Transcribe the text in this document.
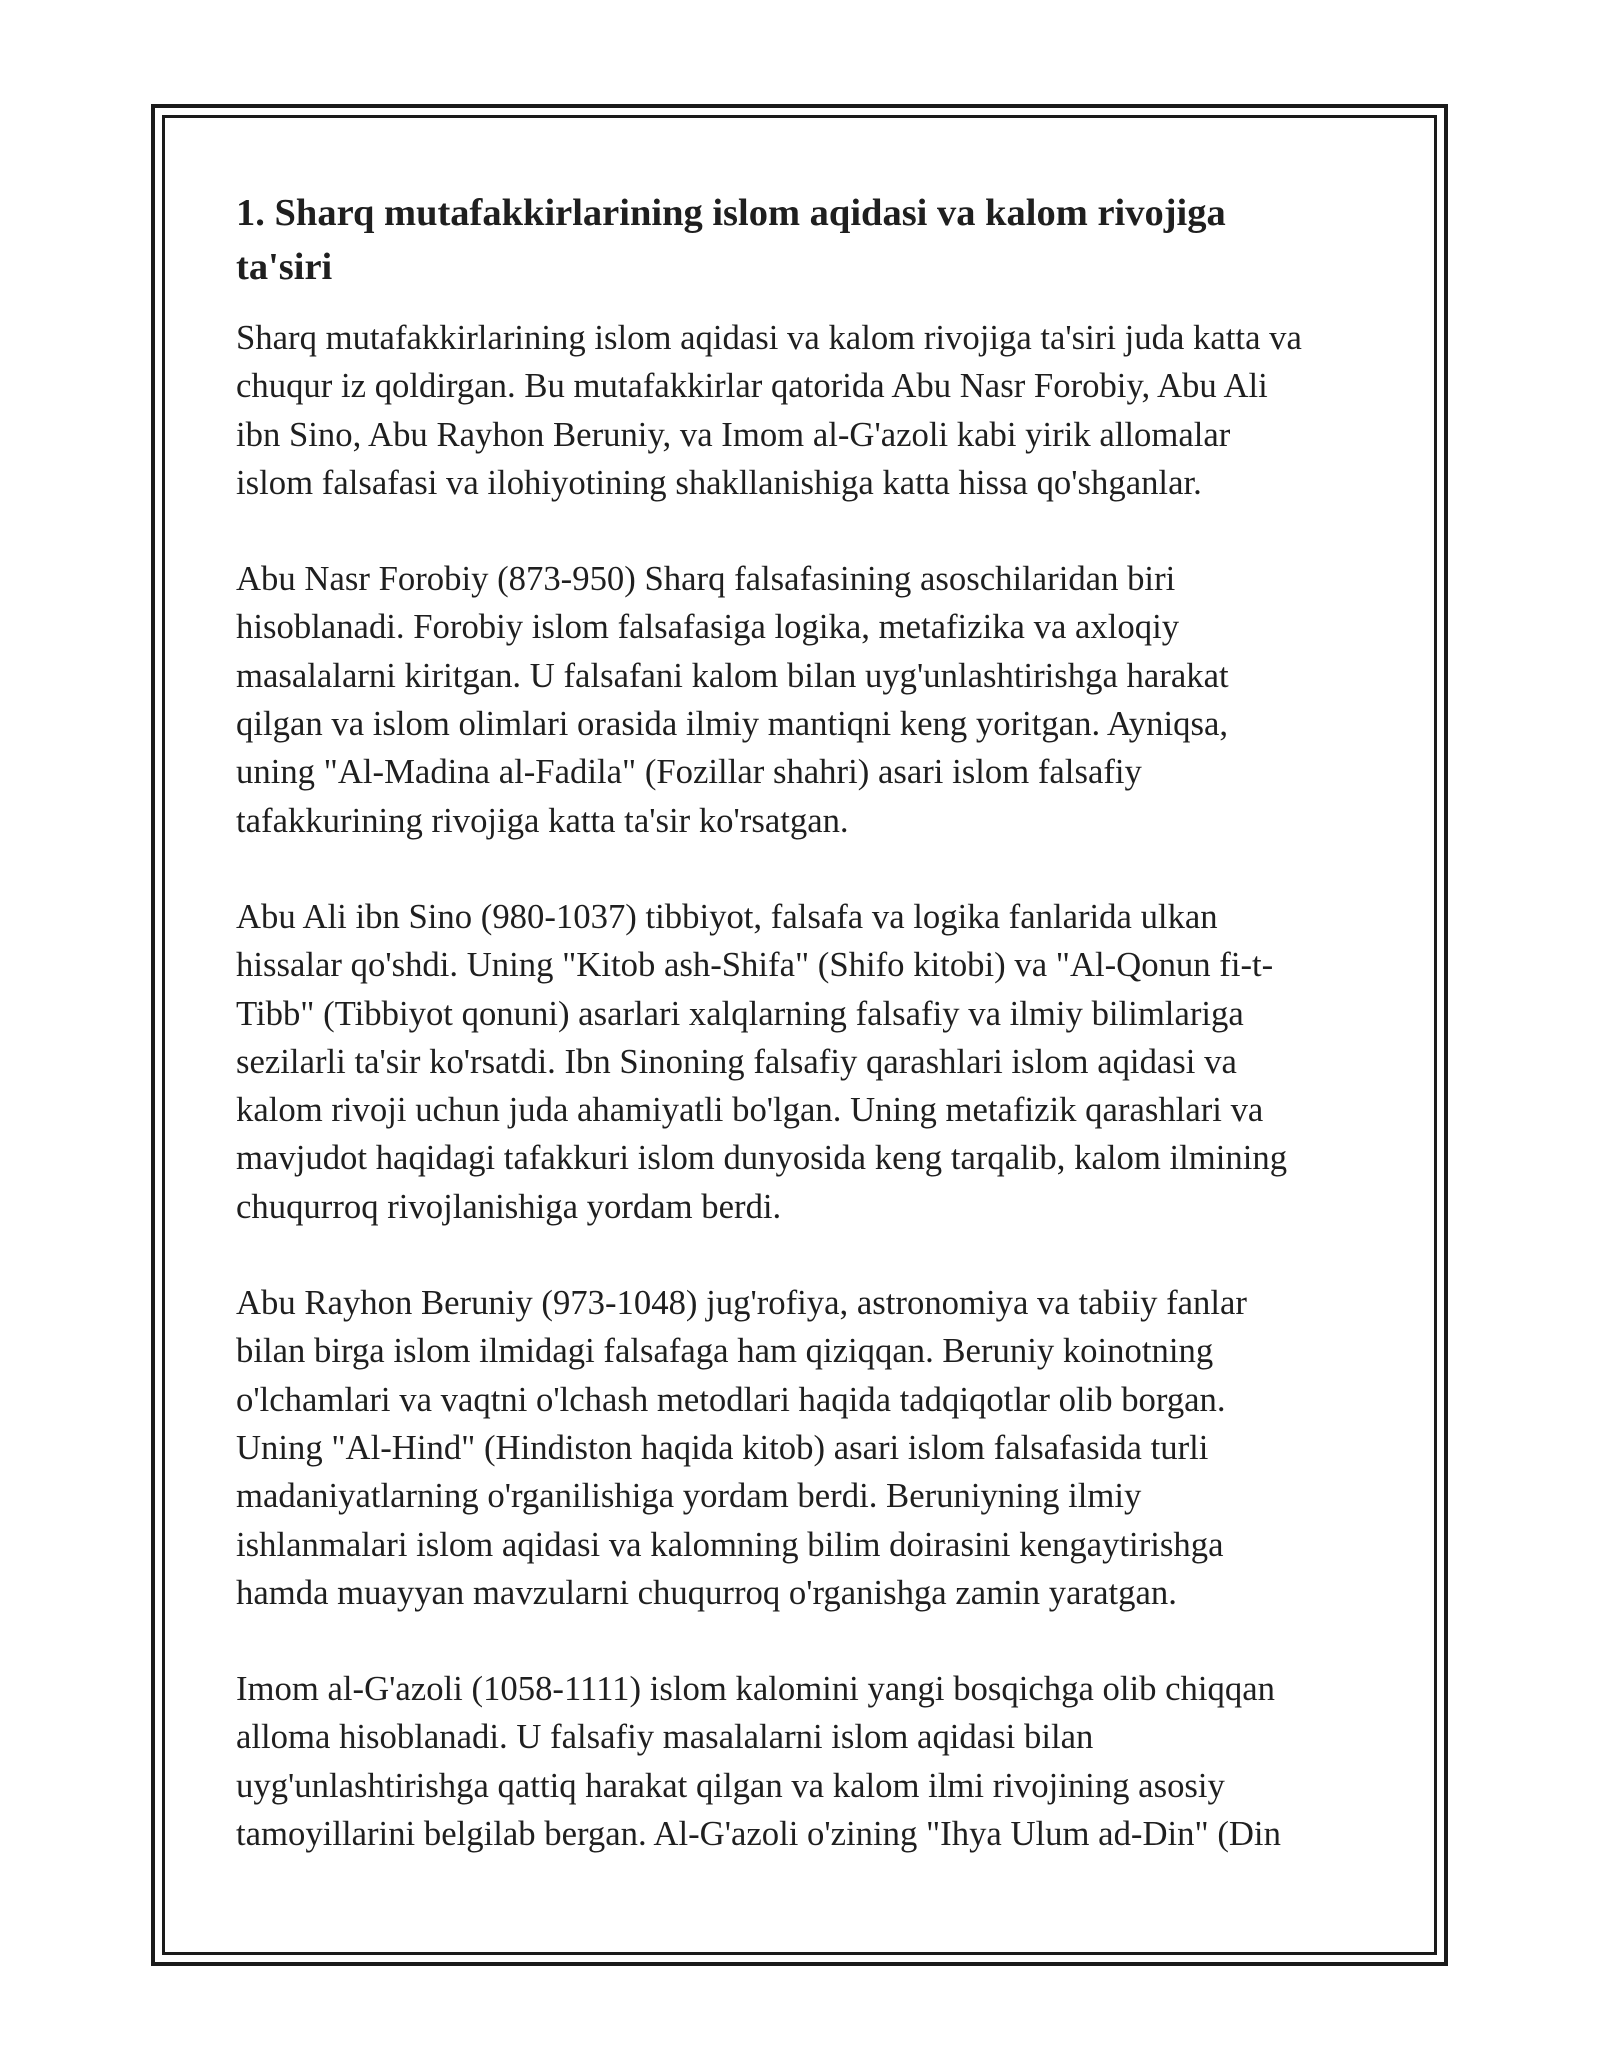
1. Sharq mutafakkirlarining islom aqidasi va kalom rivojiga
ta'siri

Sharq mutafakkirlarining islom aqidasi va kalom rivojiga ta'siri juda katta va
chuqur iz qoldirgan. Bu mutafakkirlar qatorida Abu Nasr Forobiy, Abu Ali
ibn Sino, Abu Rayhon Beruniy, va Imom al-G'azoli kabi yirik allomalar
islom falsafasi va ilohiyotining shakllanishiga katta hissa qo'shganlar.

Abu Nasr Forobiy (873-950) Sharq falsafasining asoschilaridan biri
hisoblanadi. Forobiy islom falsafasiga logika, metafizika va axloqiy
masalalarni kiritgan. U falsafani kalom bilan uyg'unlashtirishga harakat
qilgan va islom olimlari orasida ilmiy mantiqni keng yoritgan. Ayniqsa,
uning "Al-Madina al-Fadila" (Fozillar shahri) asari islom falsafiy
tafakkurining rivojiga katta ta'sir ko'rsatgan.

Abu Ali ibn Sino (980-1037) tibbiyot, falsafa va logika fanlarida ulkan
hissalar qo'shdi. Uning "Kitob ash-Shifa" (Shifo kitobi) va "Al-Qonun fi-t-
Tibb" (Tibbiyot qonuni) asarlari xalqlarning falsafiy va ilmiy bilimlariga
sezilarli ta'sir ko'rsatdi. Ibn Sinoning falsafiy qarashlari islom aqidasi va
kalom rivoji uchun juda ahamiyatli bo'lgan. Uning metafizik qarashlari va
mavjudot haqidagi tafakkuri islom dunyosida keng tarqalib, kalom ilmining
chuqurroq rivojlanishiga yordam berdi.

Abu Rayhon Beruniy (973-1048) jug'rofiya, astronomiya va tabiiy fanlar
bilan birga islom ilmidagi falsafaga ham qiziqqan. Beruniy koinotning
o'lchamlari va vaqtni o'lchash metodlari haqida tadqiqotlar olib borgan.
Uning "Al-Hind" (Hindiston haqida kitob) asari islom falsafasida turli
madaniyatlarning o'rganilishiga yordam berdi. Beruniyning ilmiy
ishlanmalari islom aqidasi va kalomning bilim doirasini kengaytirishga
hamda muayyan mavzularni chuqurroq o'rganishga zamin yaratgan.

Imom al-G'azoli (1058-1111) islom kalomini yangi bosqichga olib chiqqan
alloma hisoblanadi. U falsafiy masalalarni islom aqidasi bilan
uyg'unlashtirishga qattiq harakat qilgan va kalom ilmi rivojining asosiy
tamoyillarini belgilab bergan. Al-G'azoli o'zining "Ihya Ulum ad-Din" (Din
